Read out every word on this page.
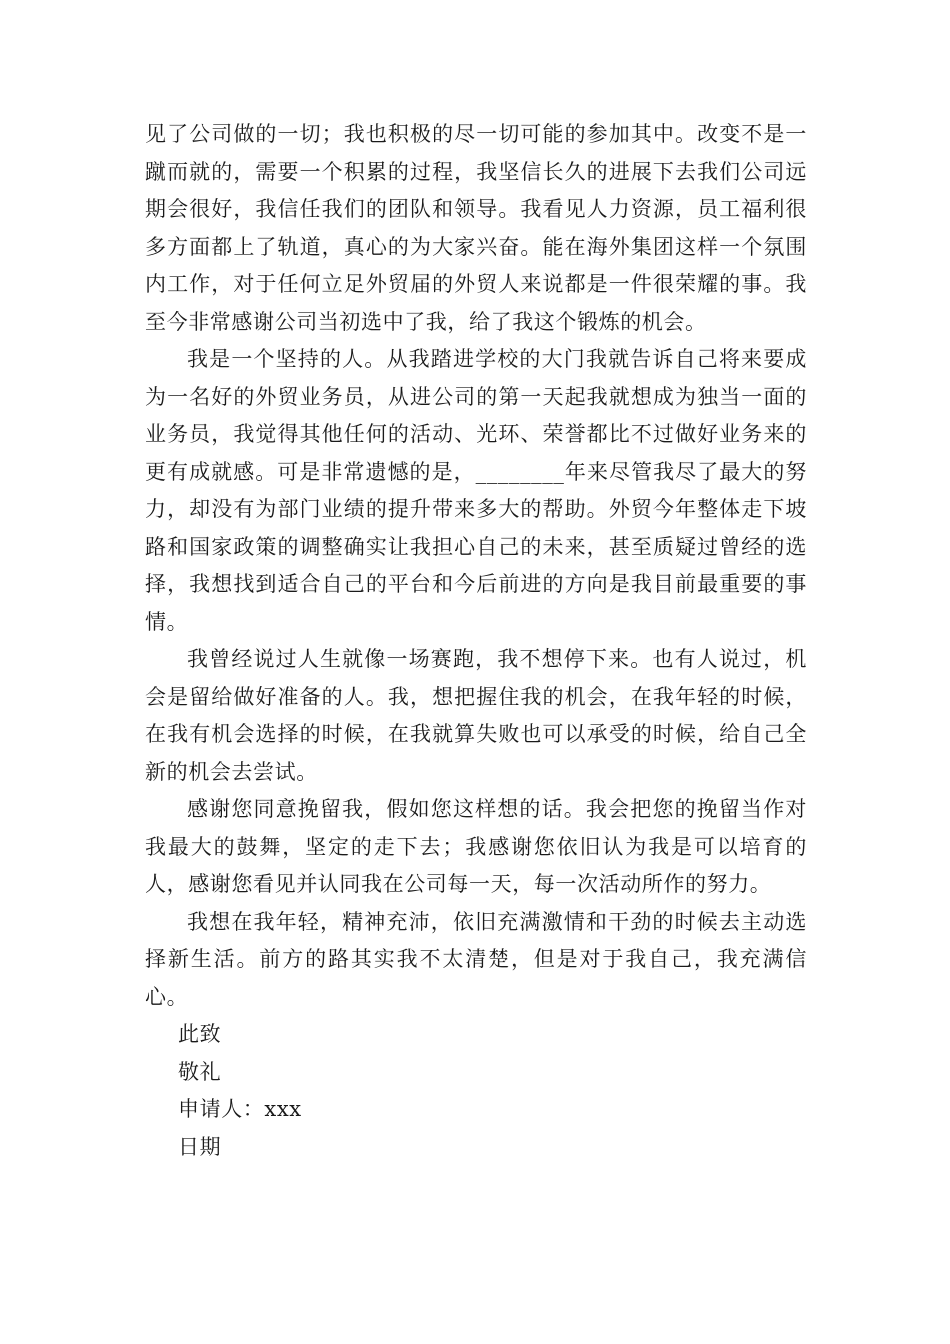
见了公司做的一切；我也积极的尽一切可能的参加其中。改变不是一蹴而就的，需要一个积累的过程，我坚信长久的进展下去我们公司远期会很好，我信任我们的团队和领导。我看见人力资源，员工福利很多方面都上了轨道，真心的为大家兴奋。能在海外集团这样一个氛围内工作，对于任何立足外贸届的外贸人来说都是一件很荣耀的事。我至今非常感谢公司当初选中了我，给了我这个锻炼的机会。

我是一个坚持的人。从我踏进学校的大门我就告诉自己将来要成为一名好的外贸业务员，从进公司的第一天起我就想成为独当一面的业务员，我觉得其他任何的活动、光环、荣誉都比不过做好业务来的更有成就感。可是非常遗憾的是，________年来尽管我尽了最大的努力，却没有为部门业绩的提升带来多大的帮助。外贸今年整体走下坡路和国家政策的调整确实让我担心自己的未来，甚至质疑过曾经的选择，我想找到适合自己的平台和今后前进的方向是我目前最重要的事情。

我曾经说过人生就像一场赛跑，我不想停下来。也有人说过，机会是留给做好准备的人。我，想把握住我的机会，在我年轻的时候，在我有机会选择的时候，在我就算失败也可以承受的时候，给自己全新的机会去尝试。

感谢您同意挽留我，假如您这样想的话。我会把您的挽留当作对我最大的鼓舞，坚定的走下去；我感谢您依旧认为我是可以培育的人，感谢您看见并认同我在公司每一天，每一次活动所作的努力。

我想在我年轻，精神充沛，依旧充满激情和干劲的时候去主动选择新生活。前方的路其实我不太清楚，但是对于我自己，我充满信心。

此致

敬礼

申请人：xxx

日期
